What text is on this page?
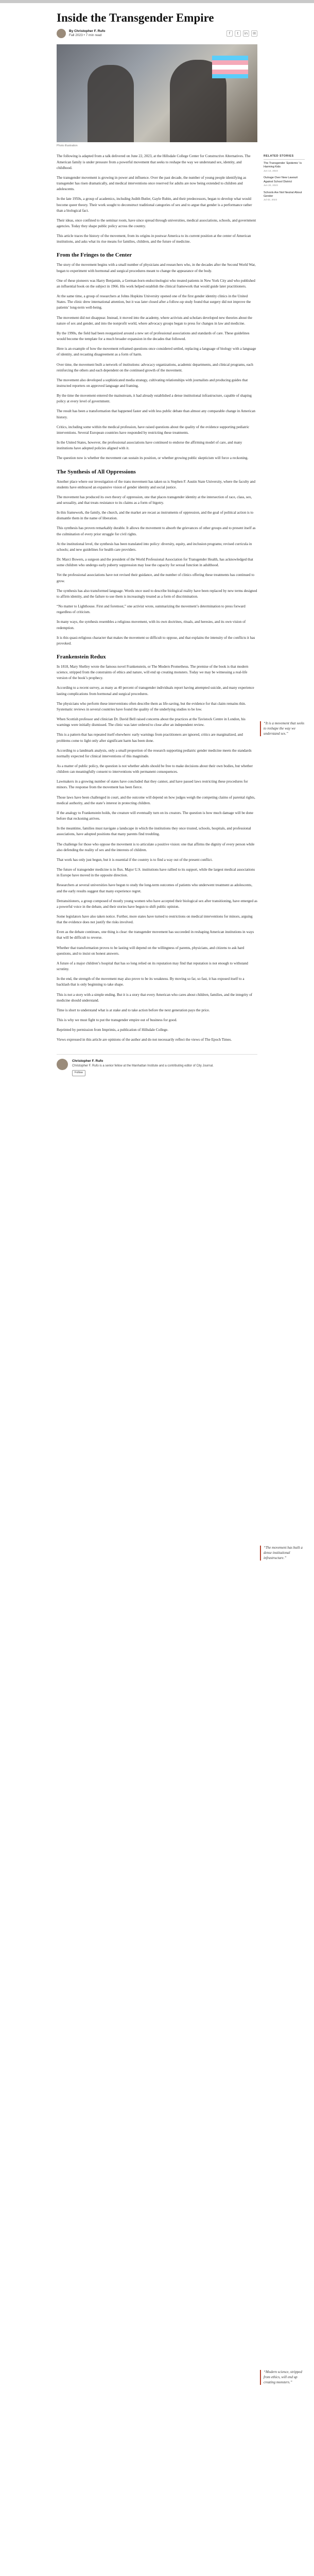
Inside the Transgender Empire
By Christopher F. Rufo
Fall 2023 • 7 min read	f	t	in	✉
Photo illustration

The following is adapted from a talk delivered on June 22, 2023, at the Hillsdale College Center for Constructive Alternatives. The American family is under pressure from a powerful movement that seeks to reshape the way we understand sex, identity, and childhood.

The transgender movement is growing in power and influence. Over the past decade, the number of young people identifying as transgender has risen dramatically, and medical interventions once reserved for adults are now being extended to children and adolescents.

In the late 1950s, a group of academics, including Judith Butler, Gayle Rubin, and their predecessors, began to develop what would become queer theory. Their work sought to deconstruct traditional categories of sex and to argue that gender is a performance rather than a biological fact.

Their ideas, once confined to the seminar room, have since spread through universities, medical associations, schools, and government agencies. Today they shape public policy across the country.

This article traces the history of the movement, from its origins in postwar America to its current position at the center of American institutions, and asks what its rise means for families, children, and the future of medicine.

From the Fringes to the Center

The story of the movement begins with a small number of physicians and researchers who, in the decades after the Second World War, began to experiment with hormonal and surgical procedures meant to change the appearance of the body.

One of these pioneers was Harry Benjamin, a German-born endocrinologist who treated patients in New York City and who published an influential book on the subject in 1966. His work helped establish the clinical framework that would guide later practitioners.

At the same time, a group of researchers at Johns Hopkins University opened one of the first gender identity clinics in the United States. The clinic drew international attention, but it was later closed after a follow-up study found that surgery did not improve the patients’ long-term well-being.

The movement did not disappear. Instead, it moved into the academy, where activists and scholars developed new theories about the nature of sex and gender, and into the nonprofit world, where advocacy groups began to press for changes in law and medicine.

By the 1990s, the field had been reorganized around a new set of professional associations and standards of care. These guidelines would become the template for a much broader expansion in the decades that followed.

Here is an example of how the movement reframed questions once considered settled, replacing a language of biology with a language of identity, and recasting disagreement as a form of harm.

Over time, the movement built a network of institutions: advocacy organizations, academic departments, and clinical programs, each reinforcing the others and each dependent on the continued growth of the movement.

The movement also developed a sophisticated media strategy, cultivating relationships with journalists and producing guides that instructed reporters on approved language and framing.

By the time the movement entered the mainstream, it had already established a dense institutional infrastructure, capable of shaping policy at every level of government.

The result has been a transformation that happened faster and with less public debate than almost any comparable change in American history.

Critics, including some within the medical profession, have raised questions about the quality of the evidence supporting pediatric interventions. Several European countries have responded by restricting these treatments.

In the United States, however, the professional associations have continued to endorse the affirming model of care, and many institutions have adopted policies aligned with it.

The question now is whether the movement can sustain its position, or whether growing public skepticism will force a reckoning.

The Synthesis of All Oppressions

Another place where our investigation of the trans movement has taken us is Stephen F. Austin State University, where the faculty and students have embraced an expansive vision of gender identity and social justice.

The movement has produced its own theory of oppression, one that places transgender identity at the intersection of race, class, sex, and sexuality, and that treats resistance to its claims as a form of bigotry.

In this framework, the family, the church, and the market are recast as instruments of oppression, and the goal of political action is to dismantle them in the name of liberation.

This synthesis has proven remarkably durable. It allows the movement to absorb the grievances of other groups and to present itself as the culmination of every prior struggle for civil rights.

At the institutional level, the synthesis has been translated into policy: diversity, equity, and inclusion programs; revised curricula in schools; and new guidelines for health care providers.

Dr. Marci Bowers, a surgeon and the president of the World Professional Association for Transgender Health, has acknowledged that some children who undergo early puberty suppression may lose the capacity for sexual function in adulthood.

Yet the professional associations have not revised their guidance, and the number of clinics offering these treatments has continued to grow.

The synthesis has also transformed language. Words once used to describe biological reality have been replaced by new terms designed to affirm identity, and the failure to use them is increasingly treated as a form of discrimination.

“No matter to Lighthouse. First and foremost,” one activist wrote, summarizing the movement’s determination to press forward regardless of criticism.

In many ways, the synthesis resembles a religious movement, with its own doctrines, rituals, and heresies, and its own vision of redemption.

It is this quasi-religious character that makes the movement so difficult to oppose, and that explains the intensity of the conflicts it has provoked.

Frankenstein Redux

In 1818, Mary Shelley wrote the famous novel Frankenstein, or The Modern Prometheus. The premise of the book is that modern science, stripped from the constraints of ethics and nature, will end up creating monsters. Today we may be witnessing a real-life version of the book’s prophecy.

According to a recent survey, as many as 40 percent of transgender individuals report having attempted suicide, and many experience lasting complications from hormonal and surgical procedures.

The physicians who perform these interventions often describe them as life-saving, but the evidence for that claim remains thin. Systematic reviews in several countries have found the quality of the underlying studies to be low.

When Scottish professor and clinician Dr. David Bell raised concerns about the practices at the Tavistock Centre in London, his warnings were initially dismissed. The clinic was later ordered to close after an independent review.

This is a pattern that has repeated itself elsewhere: early warnings from practitioners are ignored, critics are marginalized, and problems come to light only after significant harm has been done.

According to a landmark analysis, only a small proportion of the research supporting pediatric gender medicine meets the standards normally expected for clinical interventions of this magnitude.

As a matter of public policy, the question is not whether adults should be free to make decisions about their own bodies, but whether children can meaningfully consent to interventions with permanent consequences.

Lawmakers in a growing number of states have concluded that they cannot, and have passed laws restricting these procedures for minors. The response from the movement has been fierce.

Those laws have been challenged in court, and the outcome will depend on how judges weigh the competing claims of parental rights, medical authority, and the state’s interest in protecting children.

If the analogy to Frankenstein holds, the creature will eventually turn on its creators. The question is how much damage will be done before that reckoning arrives.

In the meantime, families must navigate a landscape in which the institutions they once trusted, schools, hospitals, and professional associations, have adopted positions that many parents find troubling.

The challenge for those who oppose the movement is to articulate a positive vision: one that affirms the dignity of every person while also defending the reality of sex and the interests of children.

That work has only just begun, but it is essential if the country is to find a way out of the present conflict.

The future of transgender medicine is in flux. Major U.S. institutions have rallied to its support, while the largest medical associations in Europe have moved in the opposite direction.

Researchers at several universities have begun to study the long-term outcomes of patients who underwent treatment as adolescents, and the early results suggest that many experience regret.

Detransitioners, a group composed of mostly young women who have accepted their biological sex after transitioning, have emerged as a powerful voice in the debate, and their stories have begun to shift public opinion.

Some legislators have also taken notice. Further, more states have turned to restrictions on medical interventions for minors, arguing that the evidence does not justify the risks involved.

Even as the debate continues, one thing is clear: the transgender movement has succeeded in reshaping American institutions in ways that will be difficult to reverse.

Whether that transformation proves to be lasting will depend on the willingness of parents, physicians, and citizens to ask hard questions, and to insist on honest answers.

A future of a major children’s hospital that has so long relied on its reputation may find that reputation is not enough to withstand scrutiny.

In the end, the strength of the movement may also prove to be its weakness. By moving so far, so fast, it has exposed itself to a backlash that is only beginning to take shape.

This is not a story with a simple ending. But it is a story that every American who cares about children, families, and the integrity of medicine should understand.

Time is short to understand what is at stake and to take action before the next generation pays the price.

This is why we must fight to put the transgender empire out of business for good.

Reprinted by permission from Imprimis, a publication of Hillsdale College.

Views expressed in this article are opinions of the author and do not necessarily reflect the views of The Epoch Times.

Christopher F. Rufo
Christopher F. Rufo is a senior fellow at the Manhattan Institute and a contributing editor of City Journal.
Follow
RELATED STORIES
The Transgender ‘Epidemic’ Is Harming Kids
Jun 14, 2023
Outrage Over New Lawsuit Against School District
Jun 20, 2023
Schools Are Not Neutral About Gender
Jul 02, 2023
“It is a movement that seeks to reshape the way we understand sex.”
“The movement has built a dense institutional infrastructure.”
“Modern science, stripped from ethics, will end up creating monsters.”
